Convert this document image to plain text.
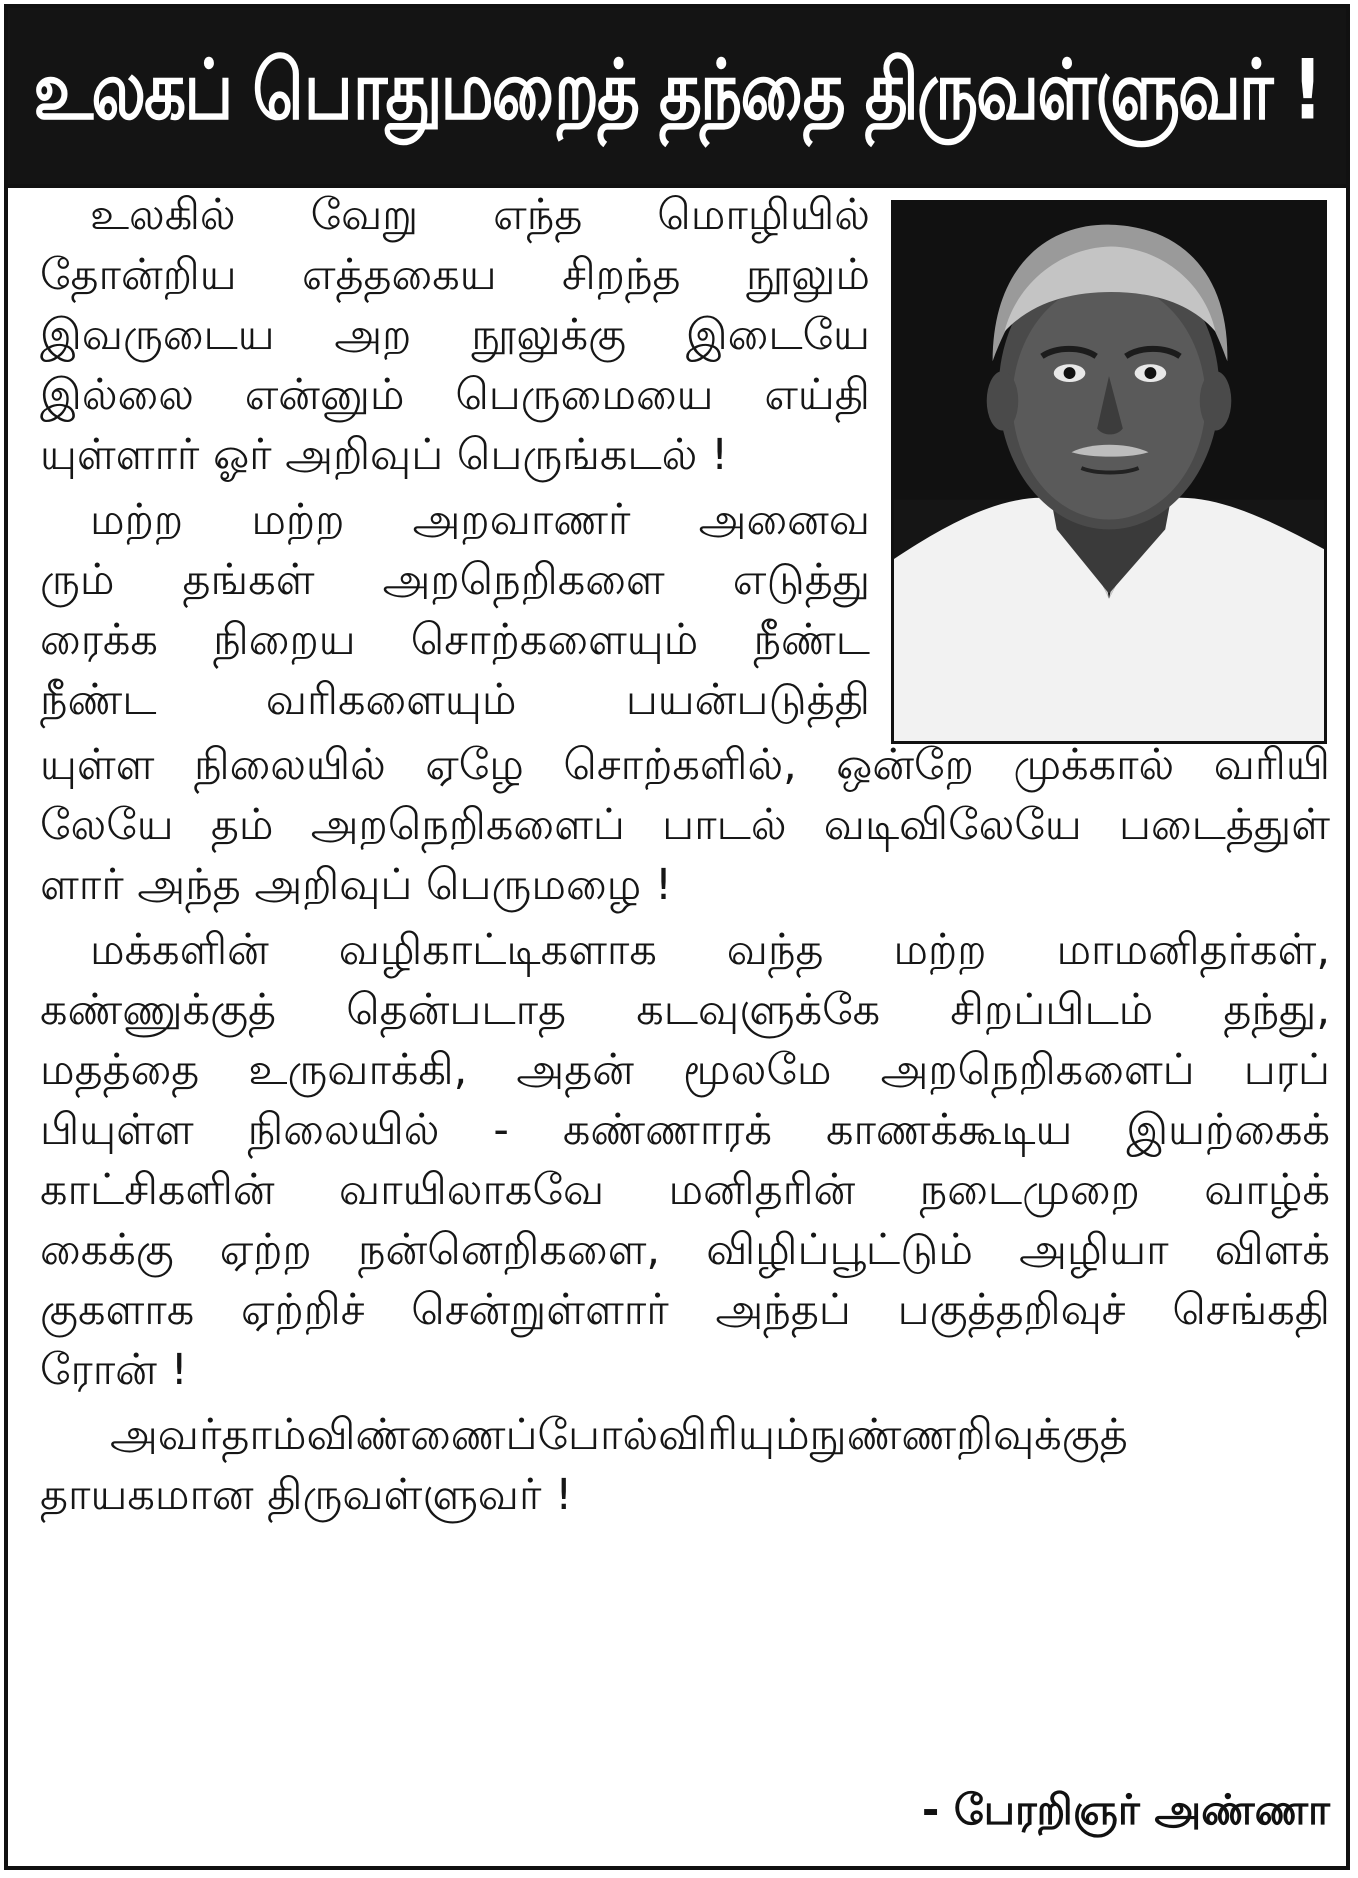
உலகப் பொதுமறைத் தந்தை திருவள்ளுவர் !
உலகில் வேறு எந்த மொழியில்
தோன்றிய எத்தகைய சிறந்த நூலும்
இவருடைய அற நூலுக்கு இடையே
இல்லை என்னும் பெருமையை எய்தி
யுள்ளார் ஓர் அறிவுப் பெருங்கடல் !
மற்ற மற்ற அறவாணர் அனைவ
ரும் தங்கள் அறநெறிகளை எடுத்து
ரைக்க நிறைய சொற்களையும் நீண்ட
நீண்ட வரிகளையும் பயன்படுத்தி
யுள்ள நிலையில் ஏழே சொற்களில், ஒன்றே முக்கால் வரியி
லேயே தம் அறநெறிகளைப் பாடல் வடிவிலேயே படைத்துள்
ளார் அந்த அறிவுப் பெருமழை !
மக்களின் வழிகாட்டிகளாக வந்த மற்ற மாமனிதர்கள்,
கண்ணுக்குத் தென்படாத கடவுளுக்கே சிறப்பிடம் தந்து,
மதத்தை உருவாக்கி, அதன் மூலமே அறநெறிகளைப் பரப்
பியுள்ள நிலையில் - கண்ணாரக் காணக்கூடிய இயற்கைக்
காட்சிகளின் வாயிலாகவே மனிதரின் நடைமுறை வாழ்க்
கைக்கு ஏற்ற நன்னெறிகளை, விழிப்பூட்டும் அழியா விளக்
குகளாக ஏற்றிச் சென்றுள்ளார் அந்தப் பகுத்தறிவுச் செங்கதி
ரோன் !
அவர்தாம்விண்ணைப்போல்விரியும்நுண்ணறிவுக்குத்
தாயகமான திருவள்ளுவர் !
- பேரறிஞர் அண்ணா
